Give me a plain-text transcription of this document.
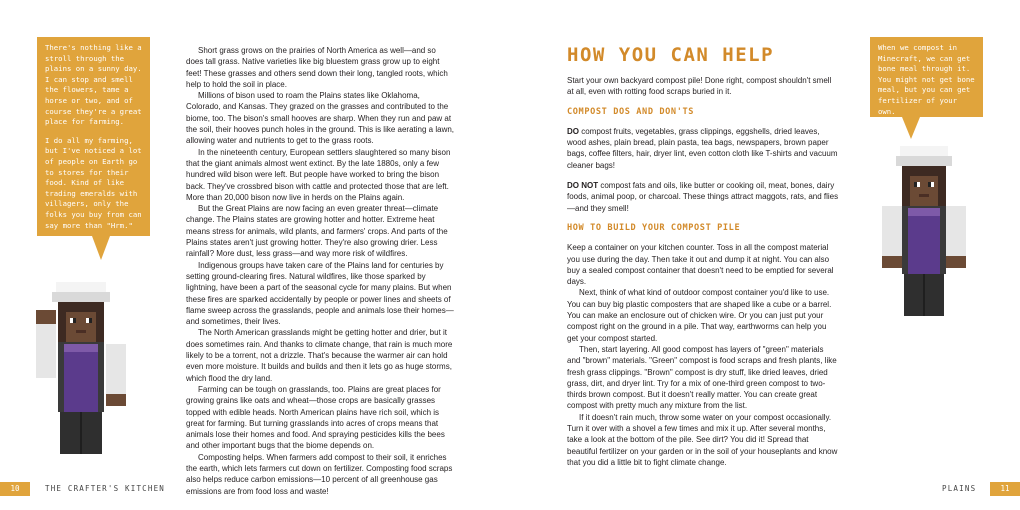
There's nothing like a stroll through the plains on a sunny day. I can stop and smell the flowers, tame a horse or two, and of course they're a great place for farming.

I do all my farming, but I've noticed a lot of people on Earth go to stores for their food. Kind of like trading emeralds with villagers, only the folks you buy from can say more than "Hrm."

Short grass grows on the prairies of North America as well—and so does tall grass. Native varieties like big bluestem grass grow up to eight feet! These grasses and others send down their long, tangled roots, which help to hold the soil in place.

Millions of bison used to roam the Plains states like Oklahoma, Colorado, and Kansas. They grazed on the grasses and contributed to the biome, too. The bison's small hooves are sharp. When they run and paw at the soil, their hooves punch holes in the ground. This is like aerating a lawn, allowing water and nutrients to get to the grass roots.

In the nineteenth century, European settlers slaughtered so many bison that the giant animals almost went extinct. By the late 1880s, only a few hundred wild bison were left. But people have worked to bring the bison back. They've crossbred bison with cattle and protected those that are left. More than 20,000 bison now live in herds on the Plains again.

But the Great Plains are now facing an even greater threat—climate change. The Plains states are growing hotter and hotter. Extreme heat means stress for animals, wild plants, and farmers' crops. And parts of the Plains states aren't just growing hotter. They're also growing drier. Less rainfall? More dust, less grass—and way more risk of wildfires.

Indigenous groups have taken care of the Plains land for centuries by setting ground-clearing fires. Natural wildfires, like those sparked by lightning, have been a part of the seasonal cycle for many plains. But when these fires are sparked accidentally by people or power lines and sheets of flame sweep across the grasslands, people and animals lose their homes—and sometimes, their lives.

The North American grasslands might be getting hotter and drier, but it does sometimes rain. And thanks to climate change, that rain is much more likely to be a torrent, not a drizzle. That's because the warmer air can hold even more moisture. It builds and builds and then it lets go as huge storms, which flood the dry land.

Farming can be tough on grasslands, too. Plains are great places for growing grains like oats and wheat—those crops are basically grasses topped with edible heads. North American plains have rich soil, which is great for farming. But turning grasslands into acres of crops means that animals lose their homes and food. And spraying pesticides kills the bees and other important bugs that the biome depends on.

Composting helps. When farmers add compost to their soil, it enriches the earth, which lets farmers cut down on fertilizer. Composting food scraps also helps reduce carbon emissions—10 percent of all greenhouse gas emissions are from food loss and waste!

10	THE CRAFTER'S KITCHEN
HOW YOU CAN HELP

Start your own backyard compost pile! Done right, compost shouldn't smell at all, even with rotting food scraps buried in it.

COMPOST DOS AND DON'TS

DO compost fruits, vegetables, grass clippings, eggshells, dried leaves, wood ashes, plain bread, plain pasta, tea bags, newspapers, brown paper bags, coffee filters, hair, dryer lint, even cotton cloth like T-shirts and vacuum cleaner bags!

DO NOT compost fats and oils, like butter or cooking oil, meat, bones, dairy foods, animal poop, or charcoal. These things attract maggots, rats, and flies—and they smell!

HOW TO BUILD YOUR COMPOST PILE

Keep a container on your kitchen counter. Toss in all the compost material you use during the day. Then take it out and dump it at night. You can also buy a sealed compost container that doesn't need to be emptied for several days.

Next, think of what kind of outdoor compost container you'd like to use. You can buy big plastic composters that are shaped like a cube or a barrel. You can make an enclosure out of chicken wire. Or you can just put your compost right on the ground in a pile. That way, earthworms can help you get your compost started.

Then, start layering. All good compost has layers of "green" materials and "brown" materials. "Green" compost is food scraps and fresh plants, like fresh grass clippings. "Brown" compost is dry stuff, like dried leaves, dried grass, dirt, and dryer lint. Try for a mix of one-third green compost to two-thirds brown compost. But it doesn't really matter. You can create great compost with pretty much any mixture from the list.

If it doesn't rain much, throw some water on your compost occasionally. Turn it over with a shovel a few times and mix it up. After several months, take a look at the bottom of the pile. See dirt? You did it! Spread that beautiful fertilizer on your garden or in the soil of your houseplants and know that you did a little bit to fight climate change.

When we compost in Minecraft, we can get bone meal through it. You might not get bone meal, but you can get fertilizer of your own.

PLAINS	11
